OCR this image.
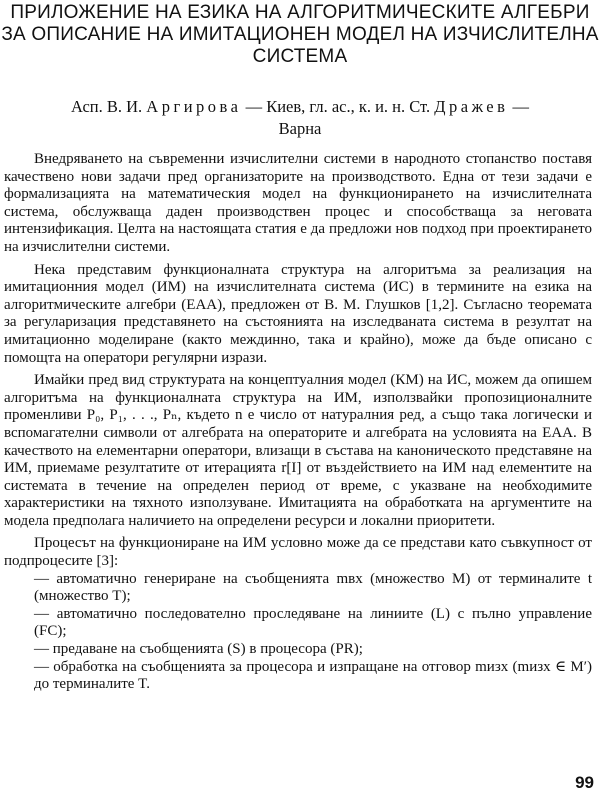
ПРИЛОЖЕНИЕ НА ЕЗИКА НА АЛГОРИТМИЧЕСКИТЕ АЛГЕБРИ
ЗА ОПИСАНИЕ НА ИМИТАЦИОНЕН МОДЕЛ НА ИЗЧИСЛИТЕЛНА
СИСТЕМА
Асп. В. И. Аргирова — Киев, гл. ас., к. и. н. Ст. Дражев —
Варна

Внедряването на съвременни изчислителни системи в народното стопанство поставя качествено нови задачи пред организаторите на производството. Една от тези задачи е формализацията на математическия модел на функционирането на изчислителната система, обслужваща даден производствен процес и способстваща за неговата интензификация. Целта на настоящата статия е да предложи нов подход при проектирането на изчислителни системи.

Нека представим функционалната структура на алгоритъма за реализация на имитационния модел (ИМ) на изчислителната система (ИС) в термините на езика на алгоритмическите алгебри (ЕАА), предложен от В. М. Глушков [1,2]. Съгласно теоремата за регуларизация представянето на състоянията на изследваната система в резултат на имитационно моделиране (както междинно, така и крайно), може да бъде описано с помощта на оператори регулярни изрази.

Имайки пред вид структурата на концептуалния модел (КМ) на ИС, можем да опишем алгоритъма на функционалната структура на ИМ, използвайки пропозиционалните променливи P₀, P₁, . . ., Pₙ, където n е число от натуралния ред, а също така логически и вспомагателни символи от алгебрата на операторите и алгебрата на условията на ЕАА. В качеството на елементарни оператори, влизащи в състава на каноническото представяне на ИМ, приемаме резултатите от итерацията r[I] от въздействието на ИМ над елементите на системата в течение на определен период от време, с указване на необходимите характеристики на тяхното използуване. Имитацията на обработката на аргументите на модела предполага наличието на определени ресурси и локални приоритети.

Процесът на функциониране на ИМ условно може да се представи като съвкупност от подпроцесите [3]:

— автоматично генериране на съобщенията mвх (множество M) от терминалите t (множество T);

— автоматично последователно проследяване на линиите (L) с пълно управление (FC);

— предаване на съобщенията (S) в процесора (PR);

— обработка на съобщенията за процесора и изпращане на отговор mизх (mизх ∈ M′) до терминалите T.

99
